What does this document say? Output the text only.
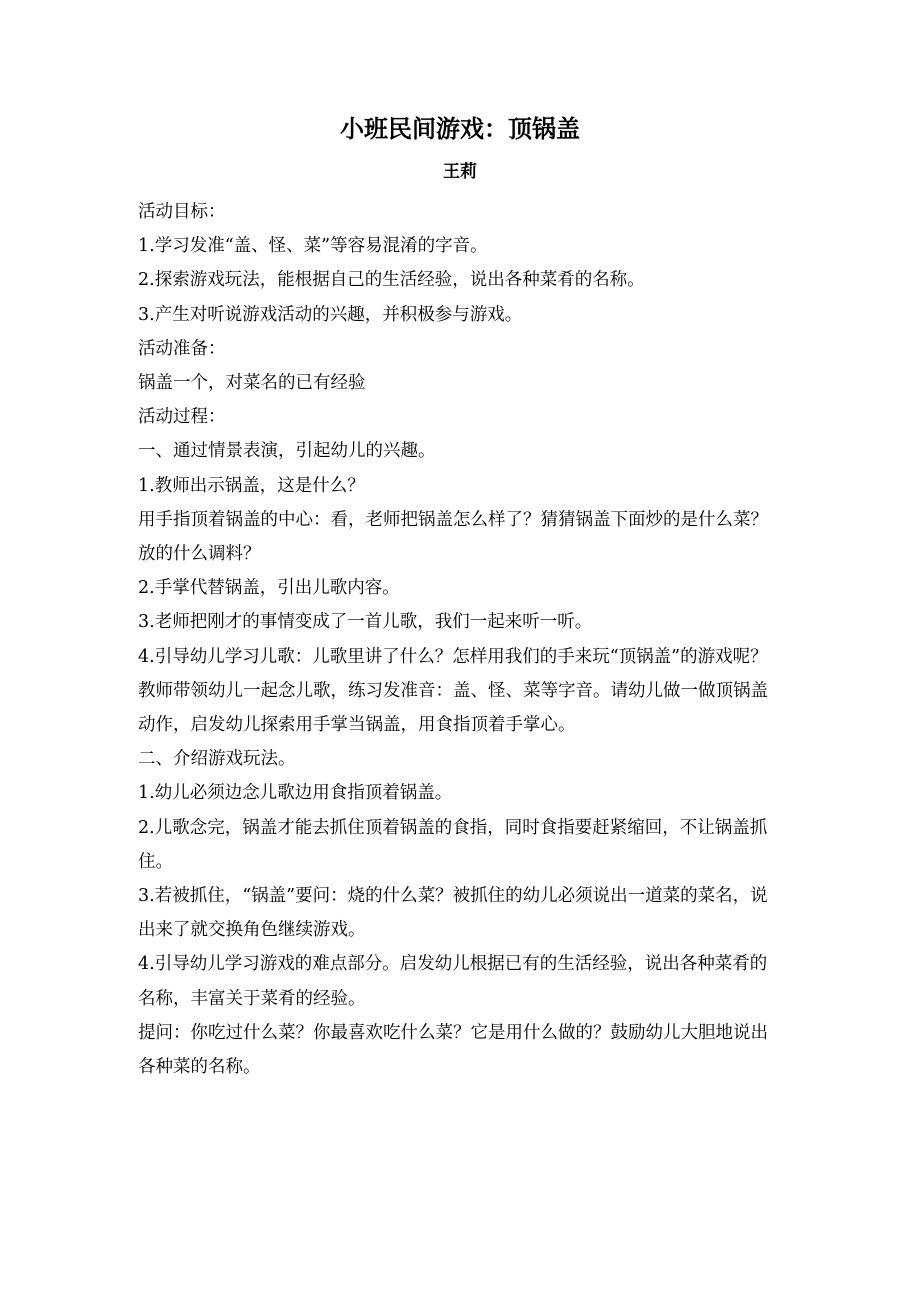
小班民间游戏：顶锅盖
王莉

活动目标：

1.学习发准“盖、怪、菜”等容易混淆的字音。

2.探索游戏玩法，能根据自己的生活经验，说出各种菜肴的名称。

3.产生对听说游戏活动的兴趣，并积极参与游戏。

活动准备：

锅盖一个，对菜名的已有经验

活动过程：

一、通过情景表演，引起幼儿的兴趣。

1.教师出示锅盖，这是什么？

用手指顶着锅盖的中心：看，老师把锅盖怎么样了？猜猜锅盖下面炒的是什么菜？放的什么调料？

2.手掌代替锅盖，引出儿歌内容。

3.老师把刚才的事情变成了一首儿歌，我们一起来听一听。

4.引导幼儿学习儿歌：儿歌里讲了什么？怎样用我们的手来玩“顶锅盖”的游戏呢？

教师带领幼儿一起念儿歌，练习发准音：盖、怪、菜等字音。请幼儿做一做顶锅盖动作，启发幼儿探索用手掌当锅盖，用食指顶着手掌心。

二、介绍游戏玩法。

1.幼儿必须边念儿歌边用食指顶着锅盖。

2.儿歌念完，锅盖才能去抓住顶着锅盖的食指，同时食指要赶紧缩回，不让锅盖抓住。

3.若被抓住，“锅盖”要问：烧的什么菜？被抓住的幼儿必须说出一道菜的菜名，说出来了就交换角色继续游戏。

4.引导幼儿学习游戏的难点部分。启发幼儿根据已有的生活经验，说出各种菜肴的名称，丰富关于菜肴的经验。

提问：你吃过什么菜？你最喜欢吃什么菜？它是用什么做的？鼓励幼儿大胆地说出各种菜的名称。
